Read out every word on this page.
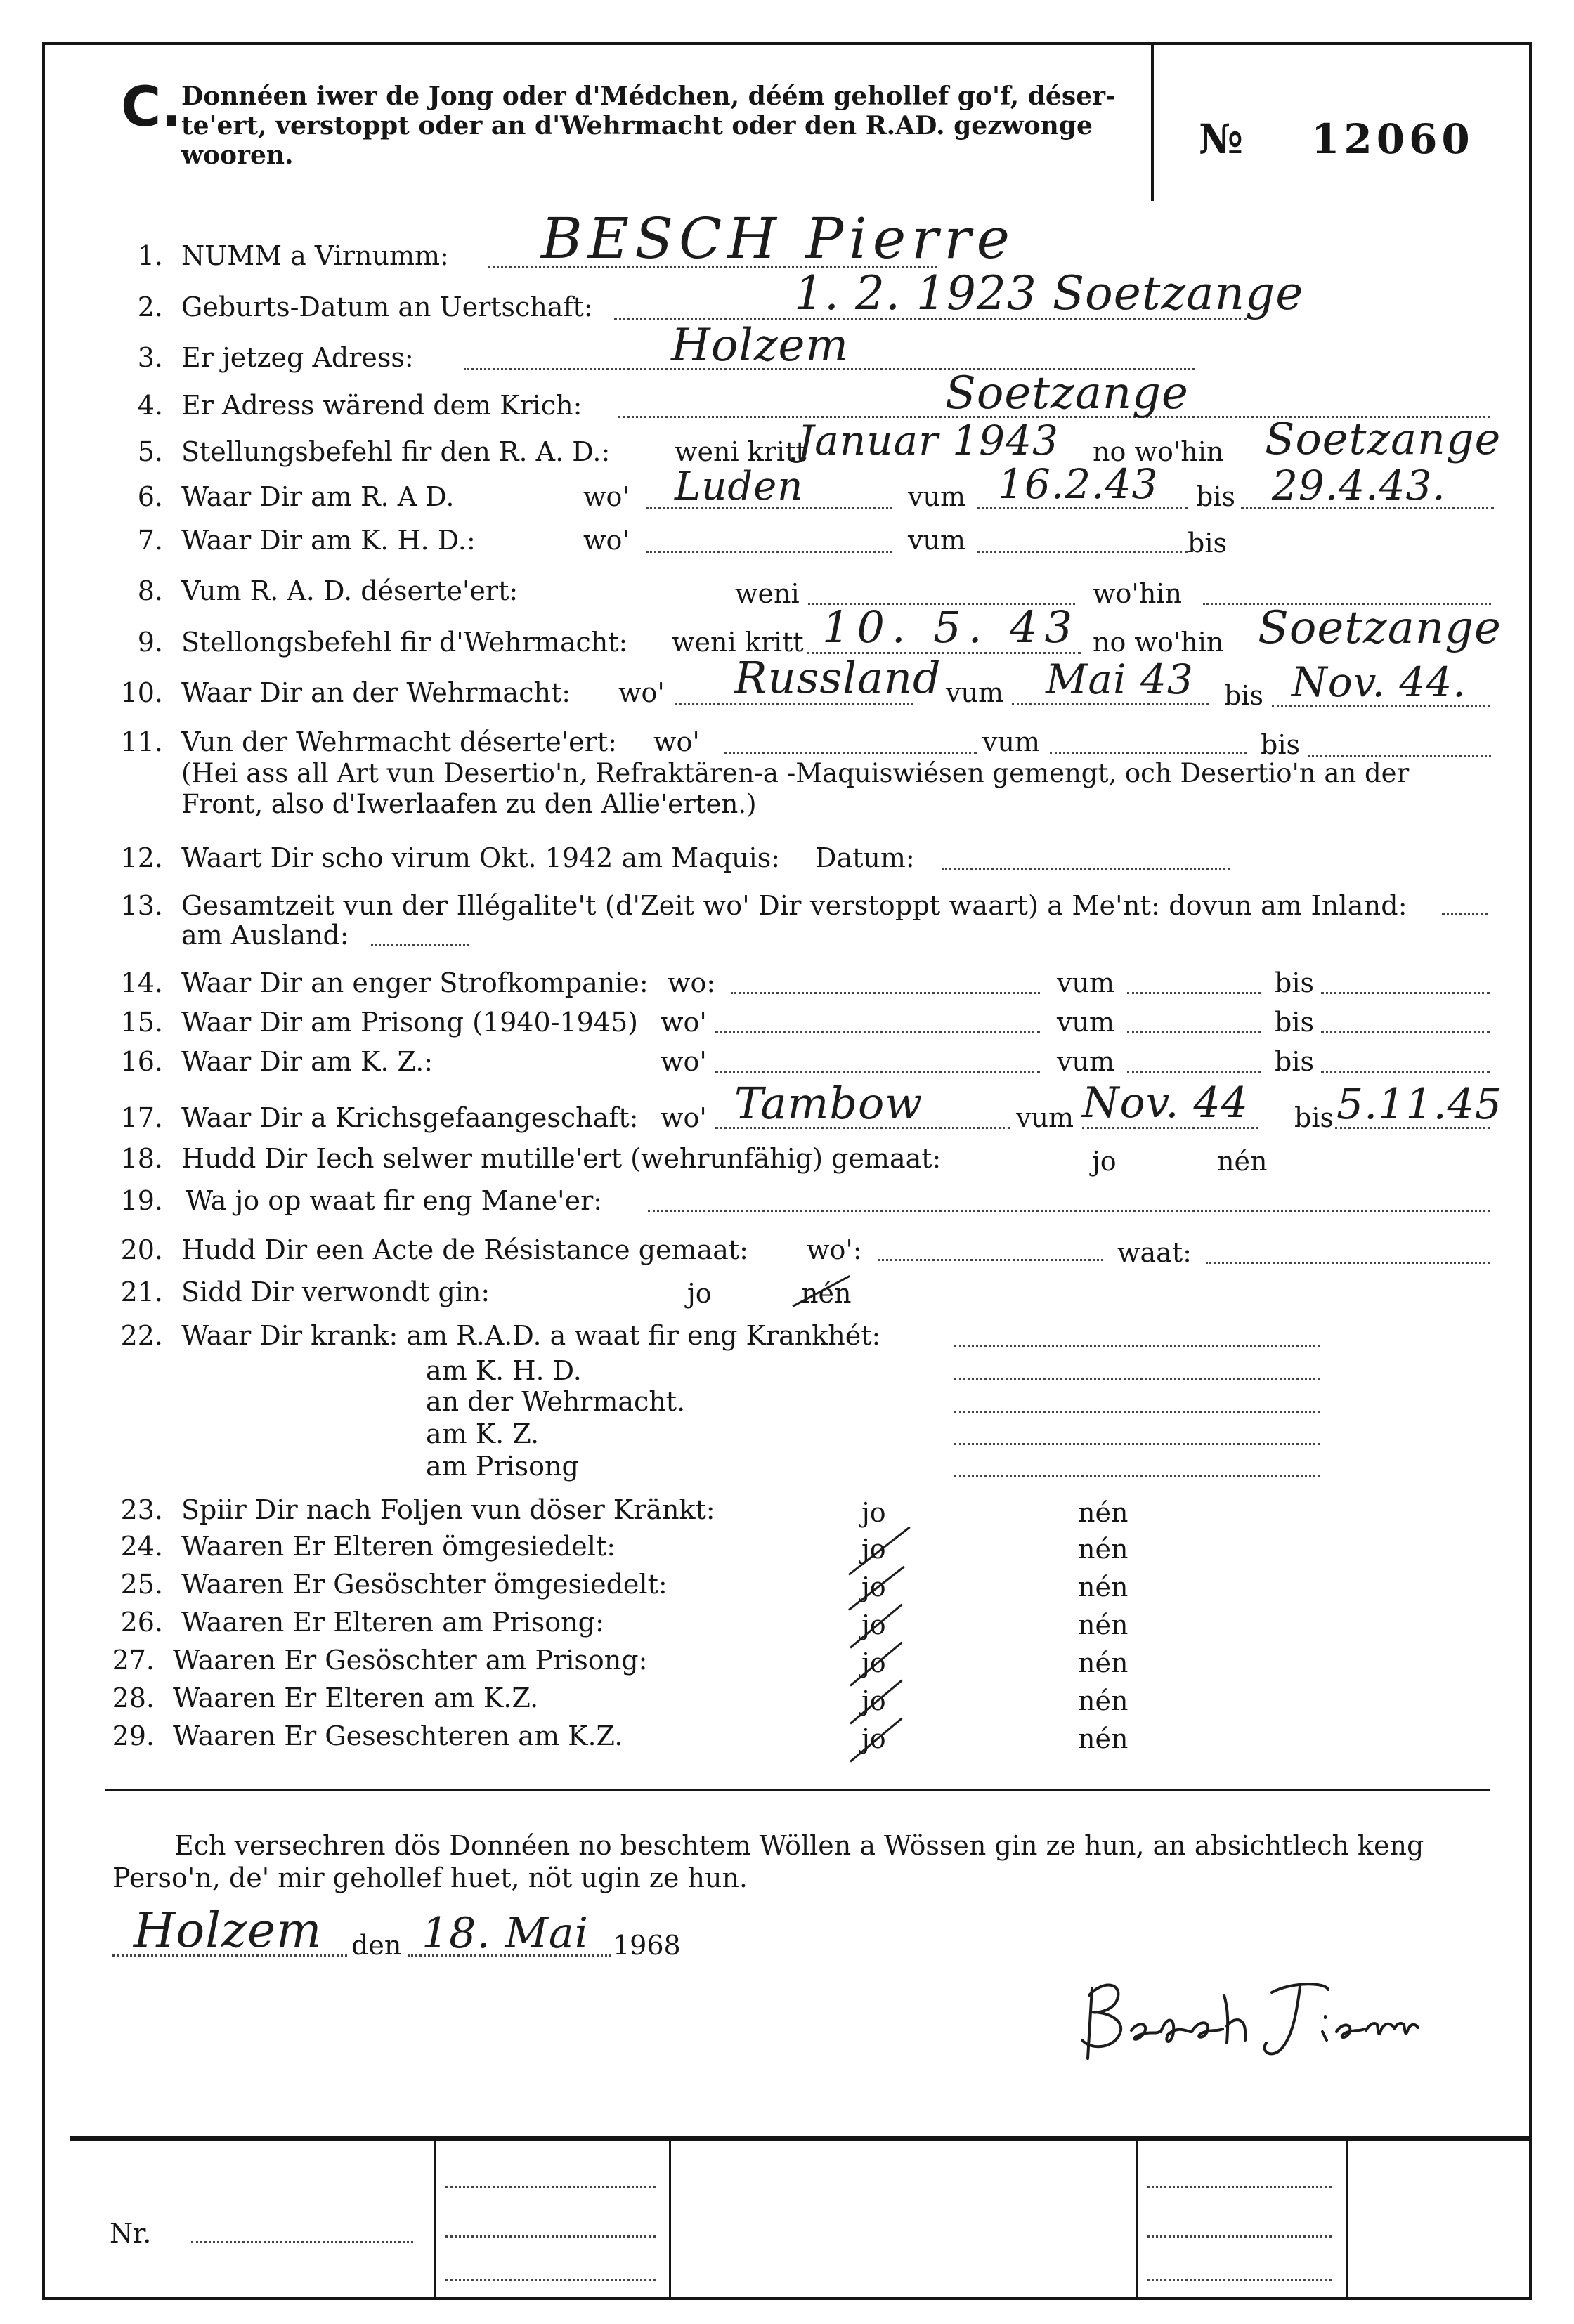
C. Donnéen iwer de Jong oder d'Médchen, déém gehollef go'f, déser-te'ert, verstoppt oder an d'Wehrmacht oder den R.AD. gezwonge wooren.	№ 12060
1. NUMM a Virnumm: BESCH Pierre
2. Geburts-Datum an Uertschaft:	1. 2. 1923 Soetzange
3. Er jetzeg Adress:	Holzem
4. Er Adress wärend dem Krich:	Soetzange
5. Stellungsbefehl fir den R. A. D.: weni kritt
Januar 1943 no wo'hin Soetzange
6. Waar Dir am R. A D.	wo' Luden	vum 16.2.43 bis 29.4.43.
7. Waar Dir am K. H. D.:	wo'	vum	bis
8. Vum R. A. D. déserte'ert:	weni	wo'hin
9. Stellongsbefehl fir d'Wehrmacht: weni kritt 10. 5. 43 no wo'hin Soetzange
10. Waar Dir an der Wehrmacht: wo' Russland vum Mai 43 bis Nov. 44.
11. Vun der Wehrmacht déserte'ert: wo'	vum	bis
(Hei ass all Art vun Desertio'n, Refraktären-a -Maquiswiésen gemengt, och Desertio'n an der
Front, also d'Iwerlaafen zu den Allie'erten.)
12. Waart Dir scho virum Okt. 1942 am Maquis: Datum:
13. Gesamtzeit vun der Illégalite't (d'Zeit wo' Dir verstoppt waart) a Me'nt: dovun am Inland:
am Ausland:
14. Waar Dir an enger Strofkompanie: wo:	vum	bis
15. Waar Dir am Prisong (1940-1945) wo'	vum	bis
16. Waar Dir am K. Z.:	wo'	vum	bis
17. Waar Dir a Krichsgefaangeschaft: wo' Tambow	vum Nov. 44 bis 5.11.45
18. Hudd Dir Iech selwer mutille'ert (wehrunfähig) gemaat:	jo	nén
19. Wa jo op waat fir eng Mane'er:
20. Hudd Dir een Acte de Résistance gemaat: wo':	waat:
21. Sidd Dir verwondt gin:	jo	nén
22. Waar Dir krank: am R.A.D. a waat fir eng Krankhét:
am K. H. D.
an der Wehrmacht.
am K. Z.
am Prisong
23. Spiir Dir nach Foljen vun döser Kränkt:	jo	nén
24. Waaren Er Elteren ömgesiedelt:	jo	nén
25. Waaren Er Gesöschter ömgesiedelt:	jo	nén
26. Waaren Er Elteren am Prisong:	jo	nén
27. Waaren Er Gesöschter am Prisong:	jo	nén
28. Waaren Er Elteren am K.Z.	jo	nén
29. Waaren Er Geseschteren am K.Z.	jo	nén
Ech versechren dös Donnéen no beschtem Wöllen a Wössen gin ze hun, an absichtlech keng
Perso'n, de' mir gehollef huet, nöt ugin ze hun.
Holzem den 18. Mai 1968
Nr.
